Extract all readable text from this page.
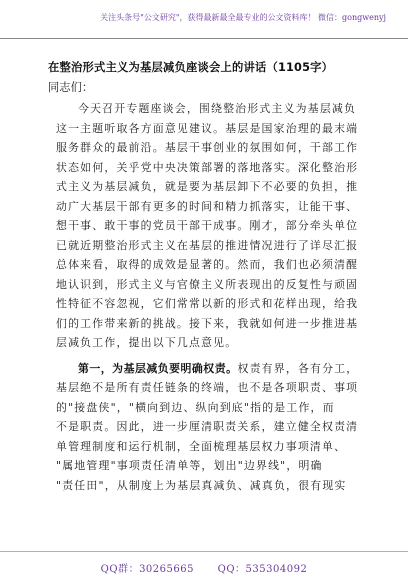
关注头条号"公文研究"，获得最新最全最专业的公文资料库！ 微信：gongwenyj
在整治形式主义为基层减负座谈会上的讲话（1105字）
同志们：
今天召开专题座谈会，围绕整治形式主义为基层减负
这一主题听取各方面意见建议。基层是国家治理的最末端
服务群众的最前沿。基层干事创业的氛围如何，干部工作
状态如何，关乎党中央决策部署的落地落实。深化整治形
式主义为基层减负，就是要为基层卸下不必要的负担，推
动广大基层干部有更多的时间和精力抓落实，让能干事、
想干事、敢干事的党员干部干成事。刚才，部分牵头单位
已就近期整治形式主义在基层的推进情况进行了详尽汇报
总体来看，取得的成效是显著的。然而，我们也必须清醒
地认识到，形式主义与官僚主义所表现出的反复性与顽固
性特征不容忽视，它们常常以新的形式和花样出现，给我
们的工作带来新的挑战。接下来，我就如何进一步推进基
层减负工作，提出以下几点意见。
第一，为基层减负要明确权责。权责有界，各有分工，
基层绝不是所有责任链条的终端，也不是各项职责、事项
的"接盘侠"，"横向到边、纵向到底"指的是工作，而
不是职责。因此，进一步厘清职责关系，建立健全权责清
单管理制度和运行机制，全面梳理基层权力事项清单、
"属地管理"事项责任清单等，划出"边界线"，明确
"责任田"，从制度上为基层真减负、减真负，很有现实
QQ群：30265665 QQ：535304092
